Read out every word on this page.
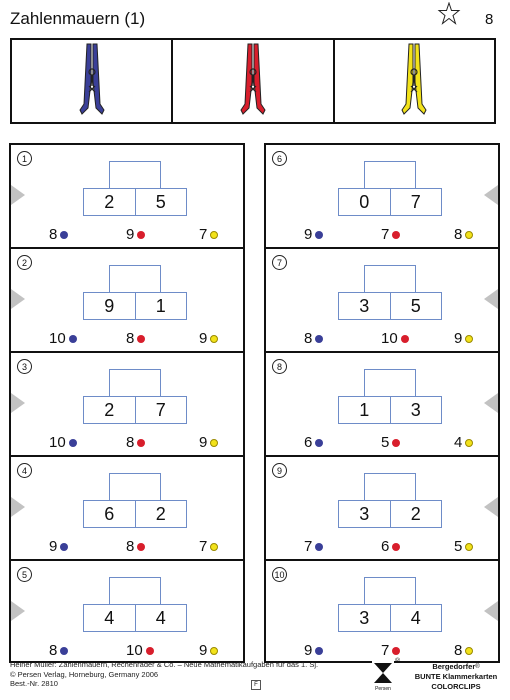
Zahlenmauern (1)	8
1
2	5
8	9	7
2
9	1
10	8	9
3
2	7
10	8	9
4
6	2
9	8	7
5
4	4
8	10	9
6
0	7
9	7	8
7
3	5
8	10	9
8
1	3
6	5	4
9
3	2
7	6	5
10
3	4
9	7	8
Heiner Müller: Zahlenmauern, Rechenräder & Co. – Neue Mathematikaufgaben für das 1. Sj.
© Persen Verlag, Horneburg, Germany 2006
Best.-Nr. 2810	F
Persen
®
Bergedorfer®
BUNTE Klammerkarten
COLORCLIPS
